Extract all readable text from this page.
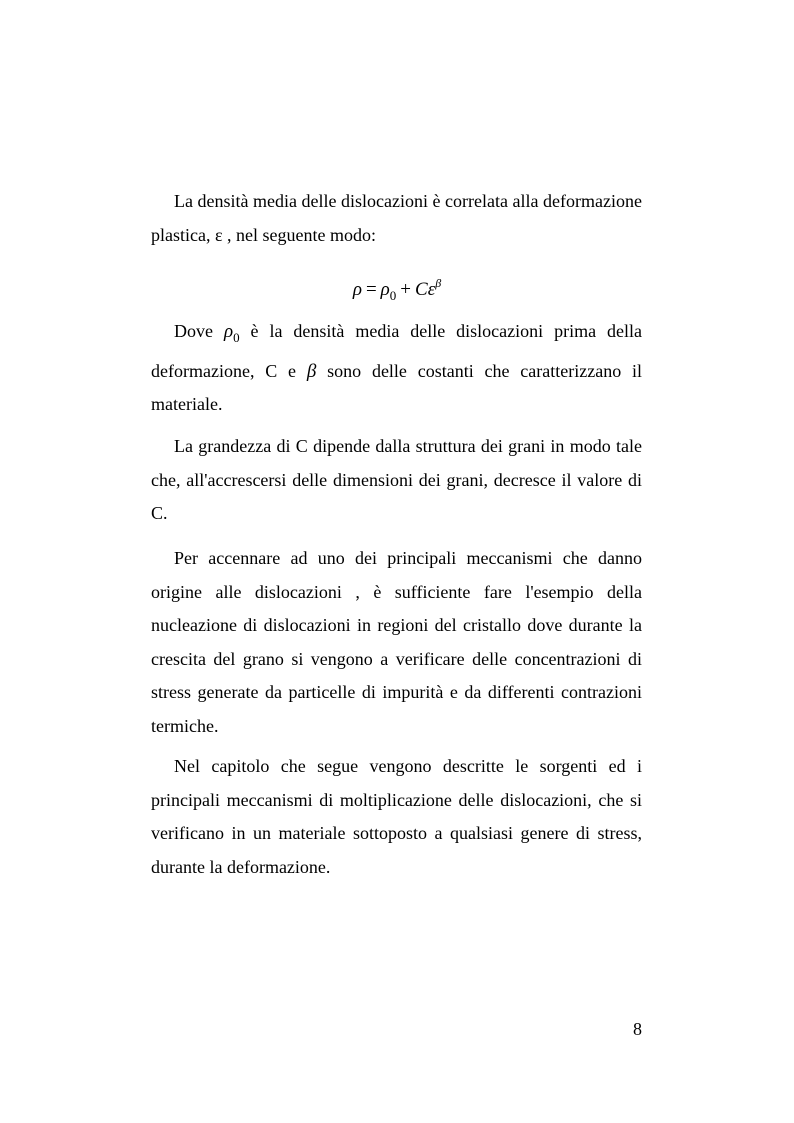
La densità media delle dislocazioni è correlata alla deformazione plastica, ε , nel seguente modo:

$\rho = \rho_0 + C\varepsilon^\beta$

Dove $\rho_0$ è la densità media delle dislocazioni prima della deformazione, C e β sono delle costanti che caratterizzano il materiale.

La grandezza di C dipende dalla struttura dei grani in modo tale che, all'accrescersi delle dimensioni dei grani, decresce il valore di C.

Per accennare ad uno dei principali meccanismi che danno origine alle dislocazioni , è sufficiente fare l'esempio della nucleazione di dislocazioni in regioni del cristallo dove durante la crescita del grano si vengono a verificare delle concentrazioni di stress generate da particelle di impurità e da differenti contrazioni termiche.

Nel capitolo che segue vengono descritte le sorgenti ed i principali meccanismi di moltiplicazione delle dislocazioni, che si verificano in un materiale sottoposto a qualsiasi genere di stress, durante la deformazione.

8
